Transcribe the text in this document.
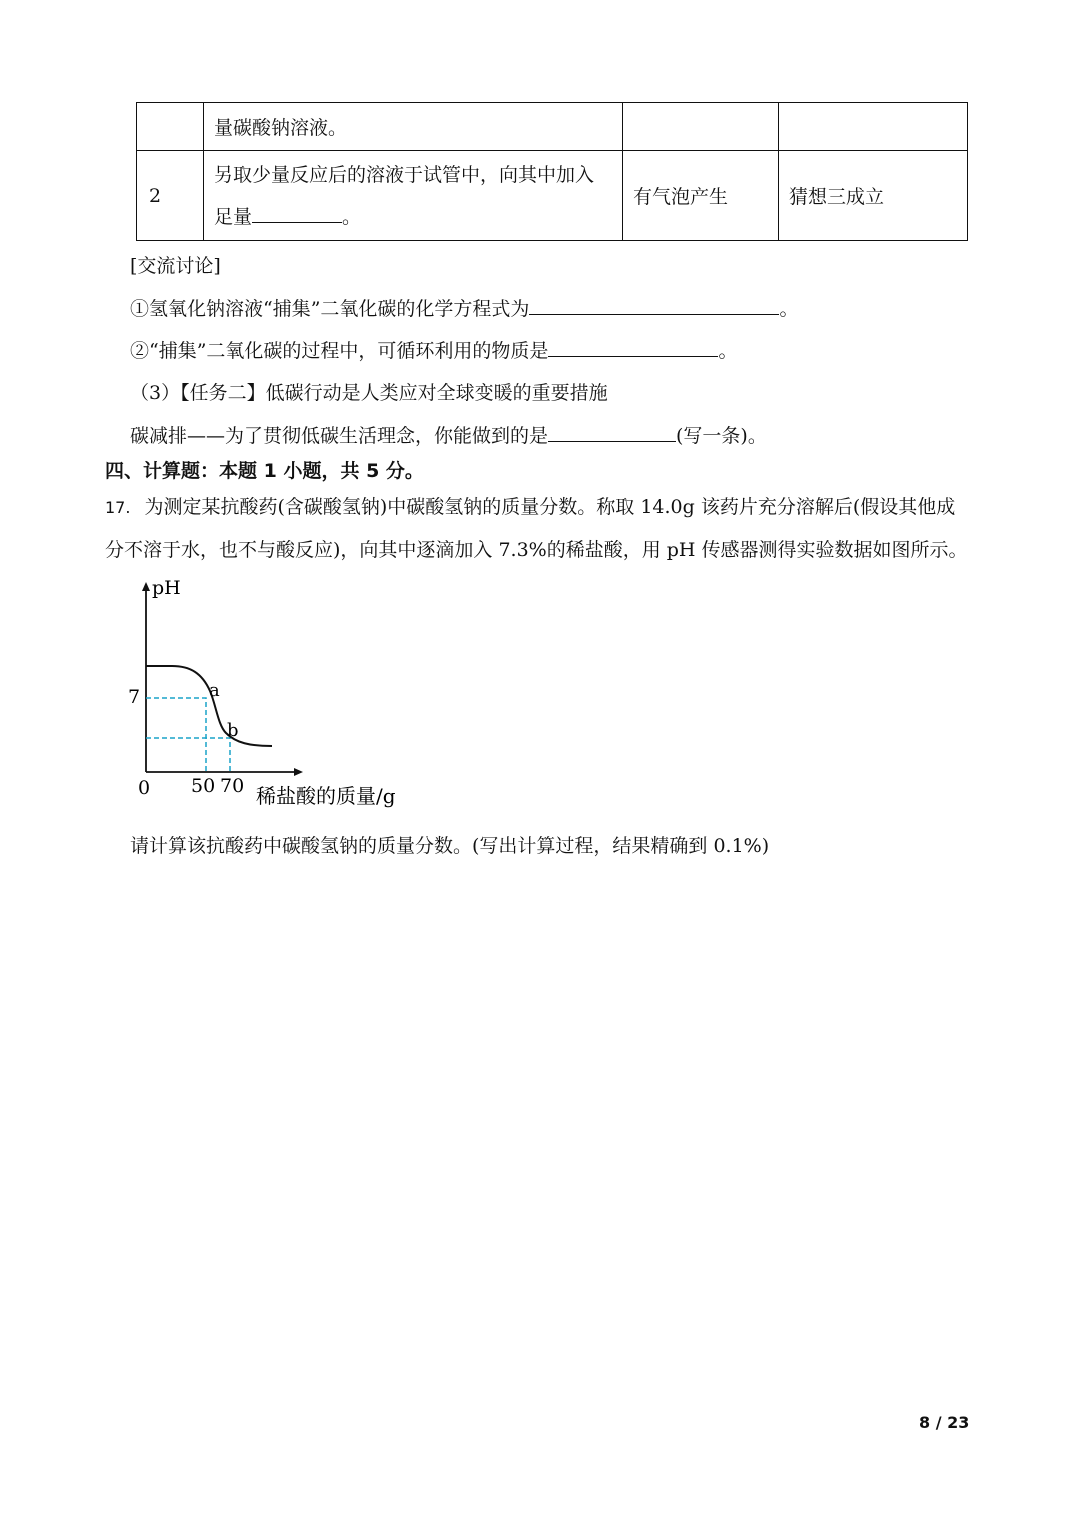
	量碳酸钠溶液。		
2	另取少量反应后的溶液于试管中，向其中加入
足量 。	有气泡产生	猜想三成立
[交流讨论]
①氢氧化钠溶液“捕集”二氧化碳的化学方程式为	。
②“捕集”二氧化碳的过程中，可循环利用的物质是	。
（3）【任务二】低碳行动是人类应对全球变暖的重要措施
碳减排——为了贯彻低碳生活理念，你能做到的是	(写一条)。
四、计算题：本题 1 小题，共 5 分。
17. 为测定某抗酸药(含碳酸氢钠)中碳酸氢钠的质量分数。称取 14.0g 该药片充分溶解后(假设其他成
分不溶于水，也不与酸反应)，向其中逐滴加入 7.3%的稀盐酸，用 pH 传感器测得实验数据如图所示。
pH
7
0 50 70 稀盐酸的质量/g
a
b
请计算该抗酸药中碳酸氢钠的质量分数。(写出计算过程，结果精确到 0.1%)
8 / 23
